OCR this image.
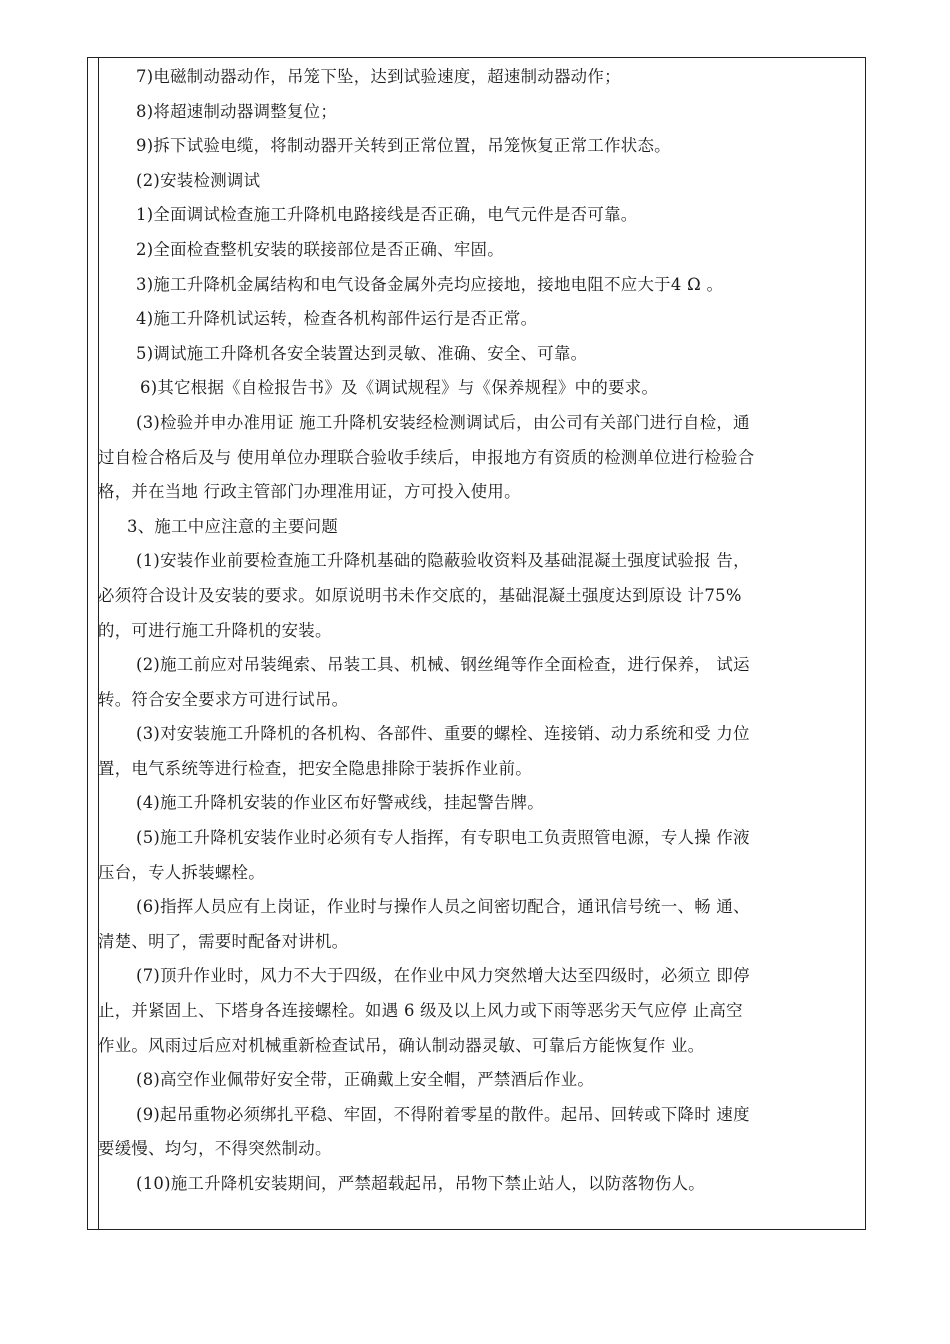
7)电磁制动器动作，吊笼下坠，达到试验速度，超速制动器动作；
8)将超速制动器调整复位；
9)拆下试验电缆，将制动器开关转到正常位置，吊笼恢复正常工作状态。
(2)安装检测调试
1)全面调试检查施工升降机电路接线是否正确，电气元件是否可靠。
2)全面检查整机安装的联接部位是否正确、牢固。
3)施工升降机金属结构和电气设备金属外壳均应接地，接地电阻不应大于4 Ω 。
4)施工升降机试运转，检查各机构部件运行是否正常。
5)调试施工升降机各安全装置达到灵敏、准确、安全、可靠。
6)其它根据《自检报告书》及《调试规程》与《保养规程》中的要求。
(3)检验并申办准用证 施工升降机安装经检测调试后，由公司有关部门进行自检，通
过自检合格后及与 使用单位办理联合验收手续后，申报地方有资质的检测单位进行检验合
格，并在当地 行政主管部门办理准用证，方可投入使用。
3、施工中应注意的主要问题
(1)安装作业前要检查施工升降机基础的隐蔽验收资料及基础混凝土强度试验报 告，
必须符合设计及安装的要求。如原说明书未作交底的，基础混凝土强度达到原设 计75%
的，可进行施工升降机的安装。
(2)施工前应对吊装绳索、吊装工具、机械、钢丝绳等作全面检查，进行保养， 试运
转。符合安全要求方可进行试吊。
(3)对安装施工升降机的各机构、各部件、重要的螺栓、连接销、动力系统和受 力位
置，电气系统等进行检查，把安全隐患排除于装拆作业前。
(4)施工升降机安装的作业区布好警戒线，挂起警告牌。
(5)施工升降机安装作业时必须有专人指挥，有专职电工负责照管电源，专人操 作液
压台，专人拆装螺栓。
(6)指挥人员应有上岗证，作业时与操作人员之间密切配合，通讯信号统一、畅 通、
清楚、明了，需要时配备对讲机。
(7)顶升作业时，风力不大于四级，在作业中风力突然增大达至四级时，必须立 即停
止，并紧固上、下塔身各连接螺栓。如遇 6 级及以上风力或下雨等恶劣天气应停 止高空
作业。风雨过后应对机械重新检查试吊，确认制动器灵敏、可靠后方能恢复作 业。
(8)高空作业佩带好安全带，正确戴上安全帽，严禁酒后作业。
(9)起吊重物必须绑扎平稳、牢固，不得附着零星的散件。起吊、回转或下降时 速度
要缓慢、均匀，不得突然制动。
(10)施工升降机安装期间，严禁超载起吊，吊物下禁止站人，以防落物伤人。
